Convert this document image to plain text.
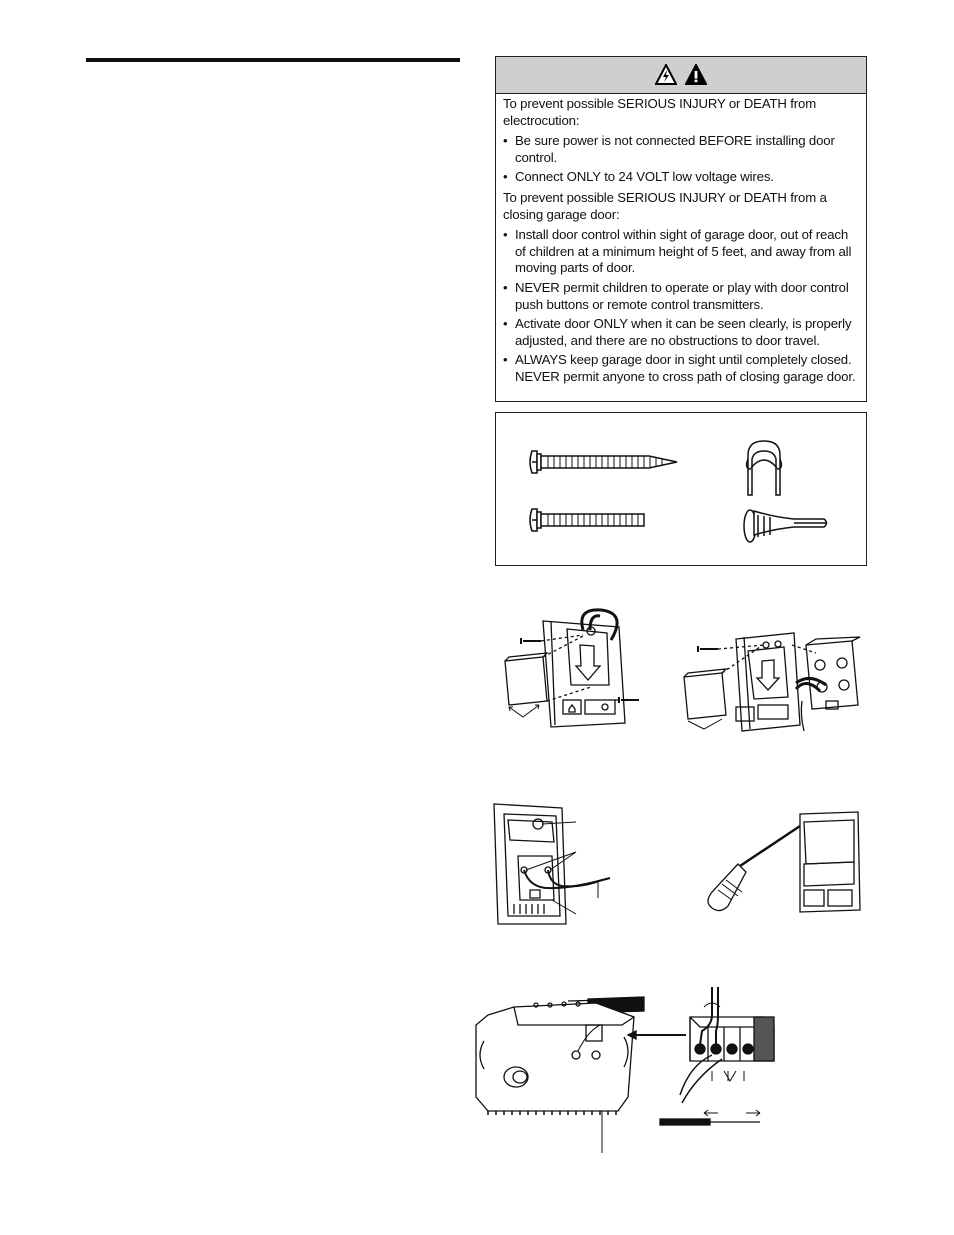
To prevent possible SERIOUS INJURY or DEATH from electrocution:

• Be sure power is not connected BEFORE installing door control.
• Connect ONLY to 24 VOLT low voltage wires.

To prevent possible SERIOUS INJURY or DEATH from a closing garage door:

• Install door control within sight of garage door, out of reach of children at a minimum height of 5 feet, and away from all moving parts of door.
• NEVER permit children to operate or play with door control push buttons or remote control transmitters.
• Activate door ONLY when it can be seen clearly, is properly adjusted, and there are no obstructions to door travel.
• ALWAYS keep garage door in sight until completely closed. NEVER permit anyone to cross path of closing garage door.
